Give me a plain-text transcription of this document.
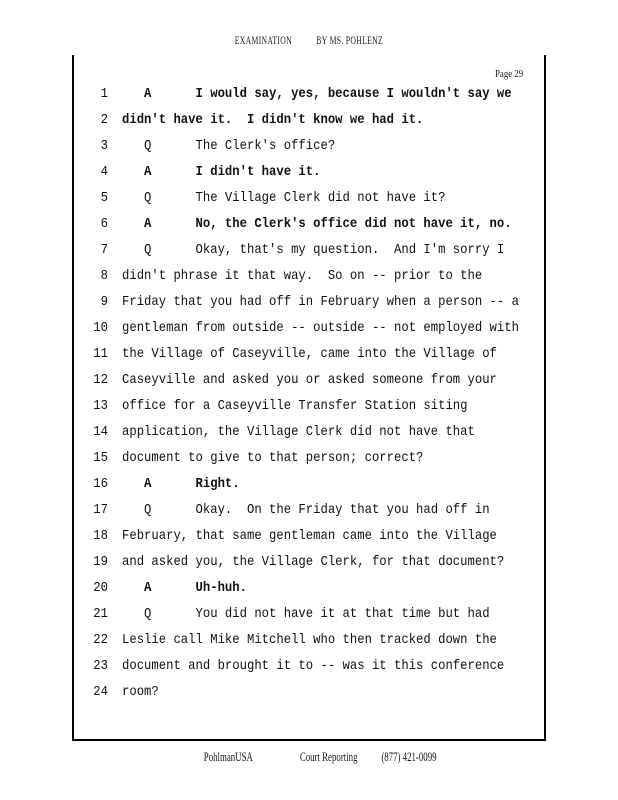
EXAMINATION BY MS. POHLENZ
Page 29
1 A      I would say, yes, because I wouldn't say we
2 didn't have it.  I didn't know we had it.
3 Q      The Clerk's office?
4 A      I didn't have it.
5 Q      The Village Clerk did not have it?
6 A      No, the Clerk's office did not have it, no.
7 Q      Okay, that's my question.  And I'm sorry I
8 didn't phrase it that way.  So on -- prior to the
9 Friday that you had off in February when a person -- a
10 gentleman from outside -- outside -- not employed with
11 the Village of Caseyville, came into the Village of
12 Caseyville and asked you or asked someone from your
13 office for a Caseyville Transfer Station siting
14 application, the Village Clerk did not have that
15 document to give to that person; correct?
16 A      Right.
17 Q      Okay.  On the Friday that you had off in
18 February, that same gentleman came into the Village
19 and asked you, the Village Clerk, for that document?
20 A      Uh-huh.
21 Q      You did not have it at that time but had
22 Leslie call Mike Mitchell who then tracked down the
23 document and brought it to -- was it this conference
24 room?
PohlmanUSA	Court Reporting (877) 421-0099
